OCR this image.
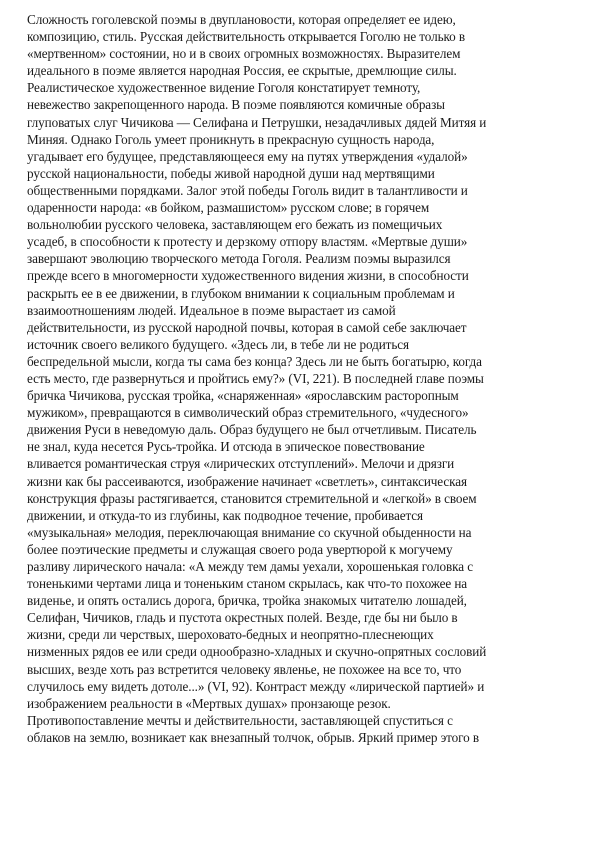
Сложность гоголевской поэмы в двуплановости, которая определяет ее идею,
композицию, стиль. Русская действительность открывается Гоголю не только в
«мертвенном» состоянии, но и в своих огромных возможностях. Выразителем
идеального в поэме является народная Россия, ее скрытые, дремлющие силы.
Реалистическое художественное видение Гоголя констатирует темноту,
невежество закрепощенного народа. В поэме появляются комичные образы
глуповатых слуг Чичикова — Селифана и Петрушки, незадачливых дядей Митяя и
Миняя. Однако Гоголь умеет проникнуть в прекрасную сущность народа,
угадывает его будущее, представляющееся ему на путях утверждения «удалой»
русской национальности, победы живой народной души над мертвящими
общественными порядками. Залог этой победы Гоголь видит в талантливости и
одаренности народа: «в бойком, размашистом» русском слове; в горячем
вольнолюбии русского человека, заставляющем его бежать из помещичьих
усадеб, в способности к протесту и дерзкому отпору властям. «Мертвые души»
завершают эволюцию творческого метода Гоголя. Реализм поэмы выразился
прежде всего в многомерности художественного видения жизни, в способности
раскрыть ее в ее движении, в глубоком внимании к социальным проблемам и
взаимоотношениям людей. Идеальное в поэме вырастает из самой
действительности, из русской народной почвы, которая в самой себе заключает
источник своего великого будущего. «Здесь ли, в тебе ли не родиться
беспредельной мысли, когда ты сама без конца? Здесь ли не быть богатырю, когда
есть место, где развернуться и пройтись ему?» (VI, 221). В последней главе поэмы
бричка Чичикова, русская тройка, «снаряженная» «ярославским расторопным
мужиком», превращаются в символический образ стремительного, «чудесного»
движения Руси в неведомую даль. Образ будущего не был отчетливым. Писатель
не знал, куда несется Русь-тройка. И отсюда в эпическое повествование
вливается романтическая струя «лирических отступлений». Мелочи и дрязги
жизни как бы рассеиваются, изображение начинает «светлеть», синтаксическая
конструкция фразы растягивается, становится стремительной и «легкой» в своем
движении, и откуда-то из глубины, как подводное течение, пробивается
«музыкальная» мелодия, переключающая внимание со скучной обыденности на
более поэтические предметы и служащая своего рода увертюрой к могучему
разливу лирического начала: «А между тем дамы уехали, хорошенькая головка с
тоненькими чертами лица и тоненьким станом скрылась, как что-то похожее на
виденье, и опять остались дорога, бричка, тройка знакомых читателю лошадей,
Селифан, Чичиков, гладь и пустота окрестных полей. Везде, где бы ни было в
жизни, среди ли черствых, шероховато-бедных и неопрятно-плеснеющих
низменных рядов ее или среди однообразно-хладных и скучно-опрятных сословий
высших, везде хоть раз встретится человеку явленье, не похожее на все то, что
случилось ему видеть дотоле...» (VI, 92). Контраст между «лирической партией» и
изображением реальности в «Мертвых душах» пронзающе резок.
Противопоставление мечты и действительности, заставляющей спуститься с
облаков на землю, возникает как внезапный толчок, обрыв. Яркий пример этого в
